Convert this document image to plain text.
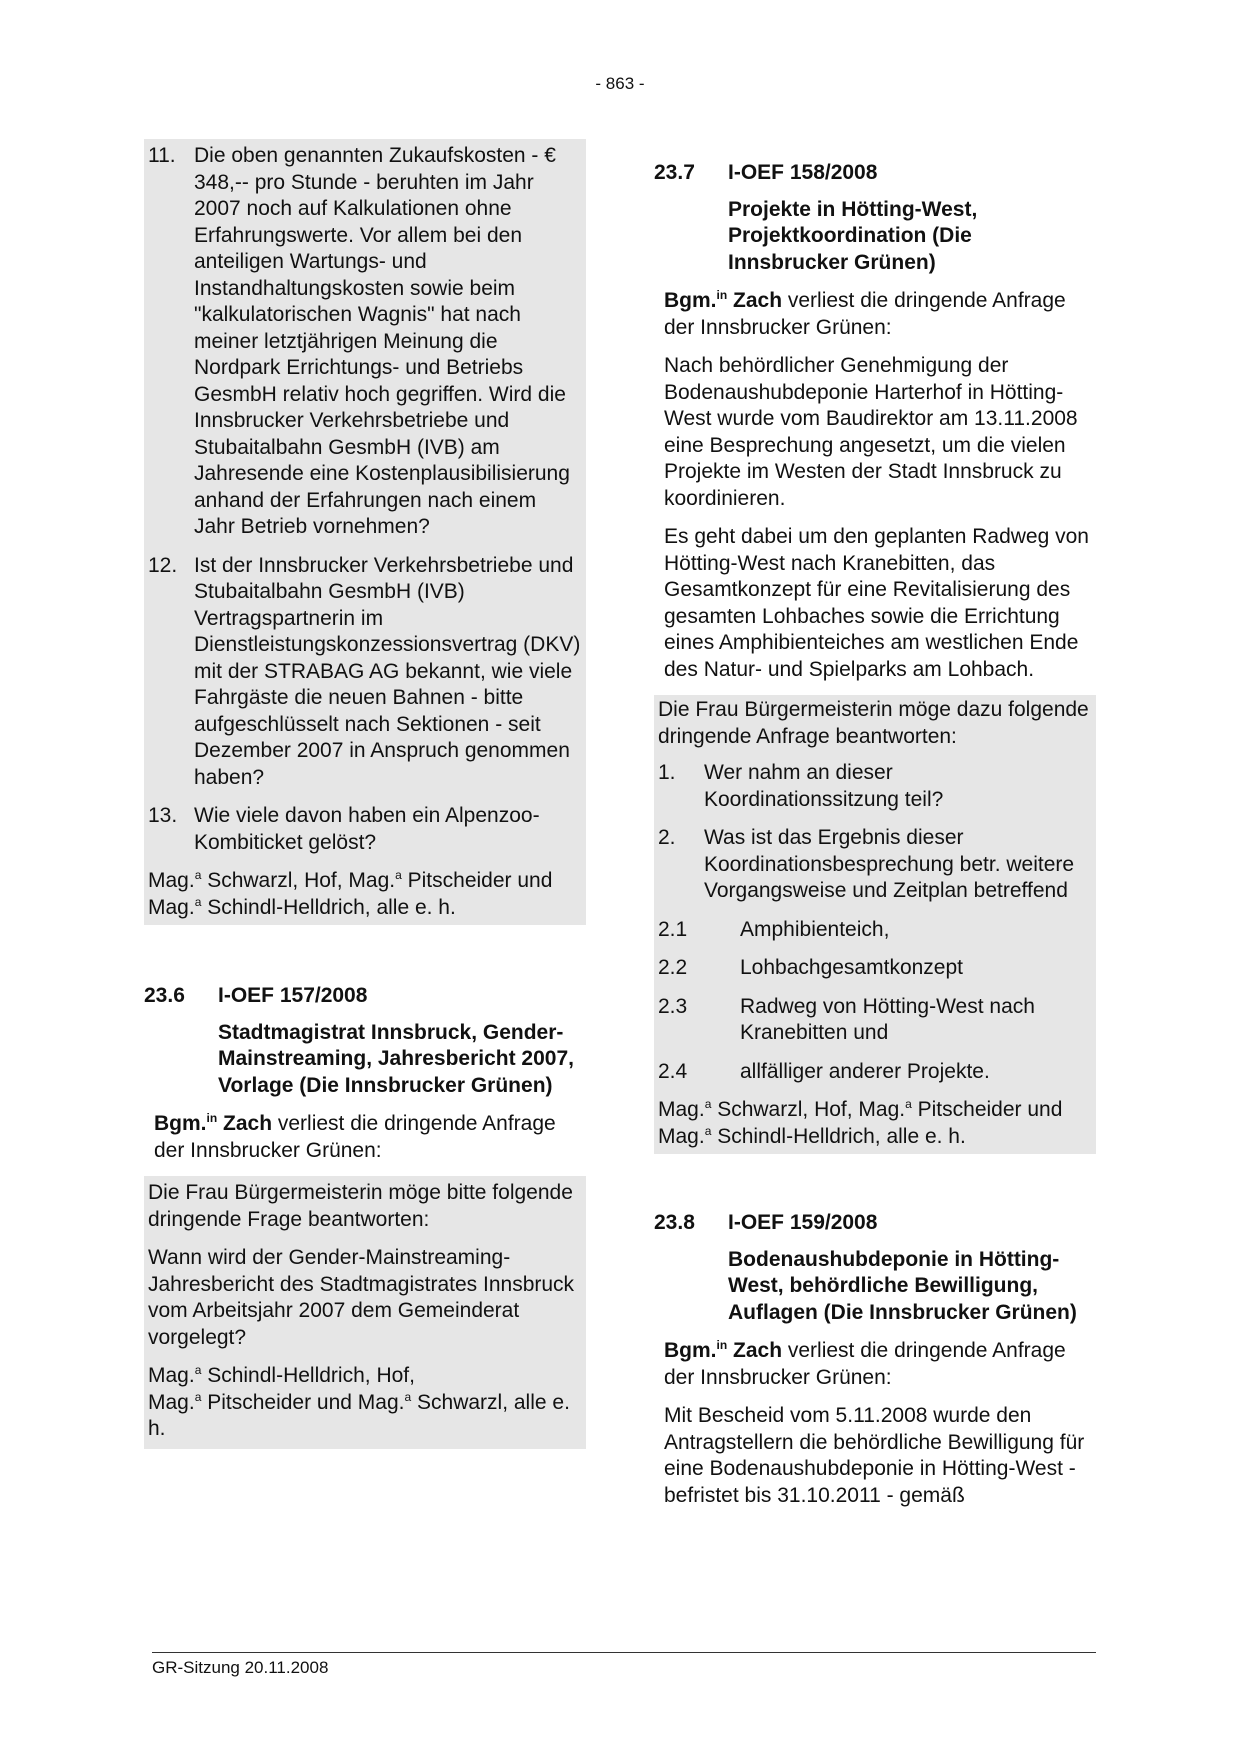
- 863 -
11. Die oben genannten Zukaufskosten - € 348,-- pro Stunde - beruhten im Jahr 2007 noch auf Kalkulationen ohne Erfahrungswerte. Vor allem bei den anteiligen Wartungs- und Instandhaltungskosten sowie beim "kalkulatorischen Wagnis" hat nach meiner letztjährigen Meinung die Nordpark Errichtungs- und Betriebs GesmbH relativ hoch gegriffen. Wird die Innsbrucker Verkehrsbetriebe und Stubaitalbahn GesmbH (IVB) am Jahresende eine Kostenplausibilisierung anhand der Erfahrungen nach einem Jahr Betrieb vornehmen?
12. Ist der Innsbrucker Verkehrsbetriebe und Stubaitalbahn GesmbH (IVB) Vertragspartnerin im Dienstleistungskonzessionsvertrag (DKV) mit der STRABAG AG bekannt, wie viele Fahrgäste die neuen Bahnen - bitte aufgeschlüsselt nach Sektionen - seit Dezember 2007 in Anspruch genommen haben?
13. Wie viele davon haben ein Alpenzoo-Kombiticket gelöst?
Mag.$^a$ Schwarzl, Hof, Mag.$^a$ Pitscheider und Mag.$^a$ Schindl-Helldrich, alle e. h.
23.6	I-OEF 157/2008

Stadtmagistrat Innsbruck, Gender-Mainstreaming, Jahresbericht 2007, Vorlage (Die Innsbrucker Grünen)

Bgm.$^{in}$ Zach verliest die dringende Anfrage der Innsbrucker Grünen:

Die Frau Bürgermeisterin möge bitte folgende dringende Frage beantworten:

Wann wird der Gender-Mainstreaming-Jahresbericht des Stadtmagistrates Innsbruck vom Arbeitsjahr 2007 dem Gemeinderat vorgelegt?

Mag.$^a$ Schindl-Helldrich, Hof,
Mag.$^a$ Pitscheider und Mag.$^a$ Schwarzl, alle e. h.

23.7	I-OEF 158/2008

Projekte in Hötting-West, Projektkoordination (Die Innsbrucker Grünen)

Bgm.$^{in}$ Zach verliest die dringende Anfrage der Innsbrucker Grünen:

Nach behördlicher Genehmigung der Bodenaushubdeponie Harterhof in Hötting-West wurde vom Baudirektor am 13.11.2008 eine Besprechung angesetzt, um die vielen Projekte im Westen der Stadt Innsbruck zu koordinieren.

Es geht dabei um den geplanten Radweg von Hötting-West nach Kranebitten, das Gesamtkonzept für eine Revitalisierung des gesamten Lohbaches sowie die Errichtung eines Amphibienteiches am westlichen Ende des Natur- und Spielparks am Lohbach.

Die Frau Bürgermeisterin möge dazu folgende dringende Anfrage beantworten:

1.	Wer nahm an dieser Koordinationssitzung teil?
2.	Was ist das Ergebnis dieser Koordinationsbesprechung betr. weitere Vorgangsweise und Zeitplan betreffend
2.1	Amphibienteich,
2.2	Lohbachgesamtkonzept
2.3	Radweg von Hötting-West nach Kranebitten und
2.4	allfälliger anderer Projekte.
Mag.$^a$ Schwarzl, Hof, Mag.$^a$ Pitscheider und Mag.$^a$ Schindl-Helldrich, alle e. h.
23.8	I-OEF 159/2008

Bodenaushubdeponie in Hötting-West, behördliche Bewilligung, Auflagen (Die Innsbrucker Grünen)

Bgm.$^{in}$ Zach verliest die dringende Anfrage der Innsbrucker Grünen:

Mit Bescheid vom 5.11.2008 wurde den Antragstellern die behördliche Bewilligung für eine Bodenaushubdeponie in Hötting-West - befristet bis 31.10.2011 - gemäß

GR-Sitzung 20.11.2008
